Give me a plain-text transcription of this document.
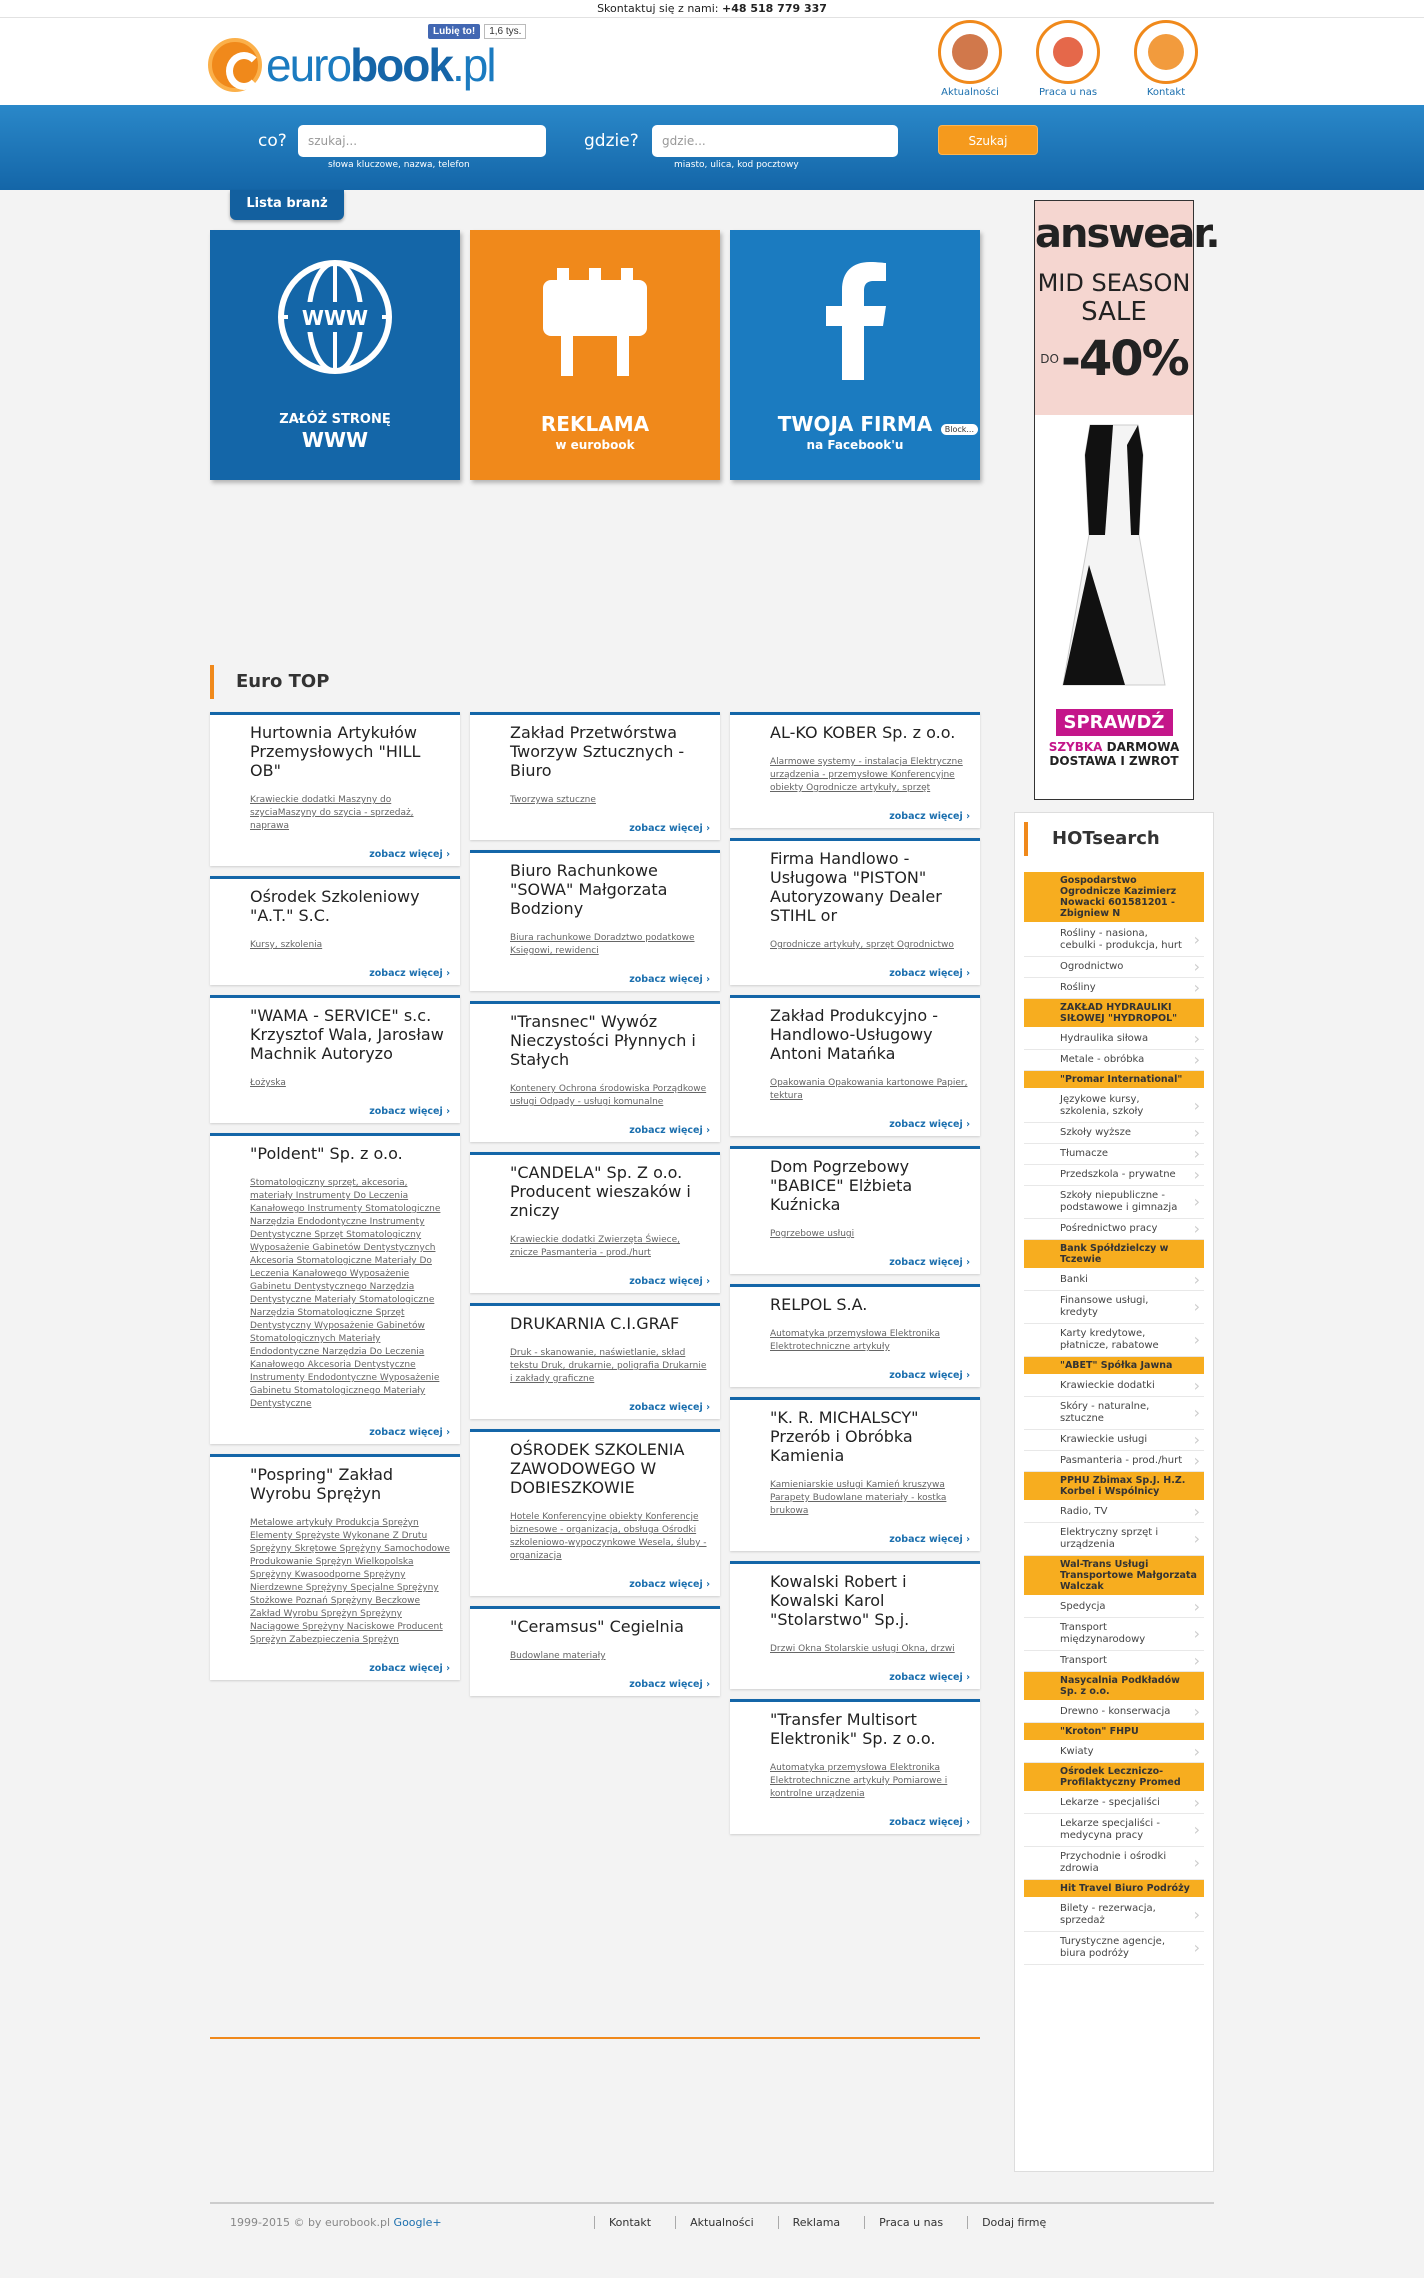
Skontaktuj się z nami: +48 518 779 337
eurobook.pl
Lubię to!	1,6 tys.
Aktualności	Praca u nas	Kontakt
co?	szukaj...
słowa kluczowe, nazwa, telefon
gdzie?	gdzie...
miasto, ulica, kod pocztowy
Szukaj
Lista branż
WWW
ZAŁÓŻ STRONĘ
WWW
REKLAMA
w eurobook
TWOJA FIRMA
na Facebook'u
Block...
answear.
MID SEASON
SALE
DO -40%
SPRAWDŹ
SZYBKA DARMOWA
DOSTAWA I ZWROT
Euro TOP
Hurtownia Artykułów Przemysłowych "HILL OB"
Krawieckie dodatki Maszyny do szyciaMaszyny do szycia - sprzedaż, naprawa
zobacz więcej ›
Ośrodek Szkoleniowy "A.T." S.C.
Kursy, szkolenia
zobacz więcej ›
"WAMA - SERVICE" s.c. Krzysztof Wala, Jarosław Machnik Autoryzo
Łożyska
zobacz więcej ›
"Poldent" Sp. z o.o.
Stomatologiczny sprzęt, akcesoria, materiały Instrumenty Do Leczenia Kanałowego Instrumenty Stomatologiczne Narzędzia Endodontyczne Instrumenty Dentystyczne Sprzęt Stomatologiczny Wyposażenie Gabinetów Dentystycznych Akcesoria Stomatologiczne Materiały Do Leczenia Kanałowego Wyposażenie Gabinetu Dentystycznego Narzędzia Dentystyczne Materiały Stomatologiczne Narzędzia Stomatologiczne Sprzęt Dentystyczny Wyposażenie Gabinetów Stomatologicznych Materiały Endodontyczne Narzędzia Do Leczenia Kanałowego Akcesoria Dentystyczne Instrumenty Endodontyczne Wyposażenie Gabinetu Stomatologicznego Materiały Dentystyczne
zobacz więcej ›
"Pospring" Zakład Wyrobu Sprężyn
Metalowe artykuły Produkcja Sprężyn Elementy Sprężyste Wykonane Z Drutu Sprężyny Skrętowe Sprężyny Samochodowe Produkowanie Sprężyn Wielkopolska Sprężyny Kwasoodporne Sprężyny Nierdzewne Sprężyny Specjalne Sprężyny Stożkowe Poznań Sprężyny Beczkowe Zakład Wyrobu Sprężyn Sprężyny Naciągowe Sprężyny Naciskowe Producent Sprężyn Zabezpieczenia Sprężyn
zobacz więcej ›
Zakład Przetwórstwa Tworzyw Sztucznych - Biuro
Tworzywa sztuczne
zobacz więcej ›
Biuro Rachunkowe "SOWA" Małgorzata Bodziony
Biura rachunkowe Doradztwo podatkowe Księgowi, rewidenci
zobacz więcej ›
"Transnec" Wywóz Nieczystości Płynnych i Stałych
Kontenery Ochrona środowiska Porządkowe usługi Odpady - usługi komunalne
zobacz więcej ›
"CANDELA" Sp. Z o.o. Producent wieszaków i zniczy
Krawieckie dodatki Zwierzęta Świece, znicze Pasmanteria - prod./hurt
zobacz więcej ›
DRUKARNIA C.I.GRAF
Druk - skanowanie, naświetlanie, skład tekstu Druk, drukarnie, poligrafia Drukarnie i zakłady graficzne
zobacz więcej ›
OŚRODEK SZKOLENIA ZAWODOWEGO W DOBIESZKOWIE
Hotele Konferencyjne obiekty Konferencje biznesowe - organizacja, obsługa Ośrodki szkoleniowo-wypoczynkowe Wesela, śluby - organizacja
zobacz więcej ›
"Ceramsus" Cegielnia
Budowlane materiały
zobacz więcej ›
AL-KO KOBER Sp. z o.o.
Alarmowe systemy - instalacja Elektryczne urządzenia - przemysłowe Konferencyjne obiekty Ogrodnicze artykuły, sprzęt
zobacz więcej ›
Firma Handlowo - Usługowa "PISTON" Autoryzowany Dealer STIHL or
Ogrodnicze artykuły, sprzęt Ogrodnictwo
zobacz więcej ›
Zakład Produkcyjno -Handlowo-Usługowy Antoni Matańka
Opakowania Opakowania kartonowe Papier, tektura
zobacz więcej ›
Dom Pogrzebowy "BABICE" Elżbieta Kuźnicka
Pogrzebowe usługi
zobacz więcej ›
RELPOL S.A.
Automatyka przemysłowa Elektronika Elektrotechniczne artykuły
zobacz więcej ›
"K. R. MICHALSCY" Przerób i Obróbka Kamienia
Kamieniarskie usługi Kamień kruszywa Parapety Budowlane materiały - kostka brukowa
zobacz więcej ›
Kowalski Robert i Kowalski Karol "Stolarstwo" Sp.j.
Drzwi Okna Stolarskie usługi Okna, drzwi
zobacz więcej ›
"Transfer Multisort Elektronik" Sp. z o.o.
Automatyka przemysłowa Elektronika Elektrotechniczne artykuły Pomiarowe i kontrolne urządzenia
zobacz więcej ›
HOTsearch
Gospodarstwo Ogrodnicze Kazimierz Nowacki 601581201 - Zbigniew N
Rośliny - nasiona, cebulki - produkcja, hurt ›
Ogrodnictwo ›
Rośliny ›
ZAKŁAD HYDRAULIKI SIŁOWEJ "HYDROPOL"
Hydraulika siłowa ›
Metale - obróbka ›
"Promar International"
Językowe kursy, szkolenia, szkoły ›
Szkoły wyższe ›
Tłumacze ›
Przedszkola - prywatne ›
Szkoły niepubliczne - podstawowe i gimnazja ›
Pośrednictwo pracy ›
Bank Spółdzielczy w Tczewie
Banki ›
Finansowe usługi, kredyty ›
Karty kredytowe, płatnicze, rabatowe ›
"ABET" Spółka Jawna
Krawieckie dodatki ›
Skóry - naturalne, sztuczne ›
Krawieckie usługi ›
Pasmanteria - prod./hurt ›
PPHU Zbimax Sp.J. H.Z. Korbel i Wspólnicy
Radio, TV ›
Elektryczny sprzęt i urządzenia ›
Wal-Trans Usługi Transportowe Małgorzata Walczak
Spedycja ›
Transport międzynarodowy ›
Transport ›
Nasycalnia Podkładów Sp. z o.o.
Drewno - konserwacja ›
"Kroton" FHPU
Kwiaty ›
Ośrodek Leczniczo-Profilaktyczny Promed
Lekarze - specjaliści ›
Lekarze specjaliści - medycyna pracy ›
Przychodnie i ośrodki zdrowia ›
Hit Travel Biuro Podróży
Bilety - rezerwacja, sprzedaż ›
Turystyczne agencje, biura podróży ›
1999-2015 © by eurobook.pl Google+	Kontakt	Aktualności	Reklama	Praca u nas	Dodaj firmę
